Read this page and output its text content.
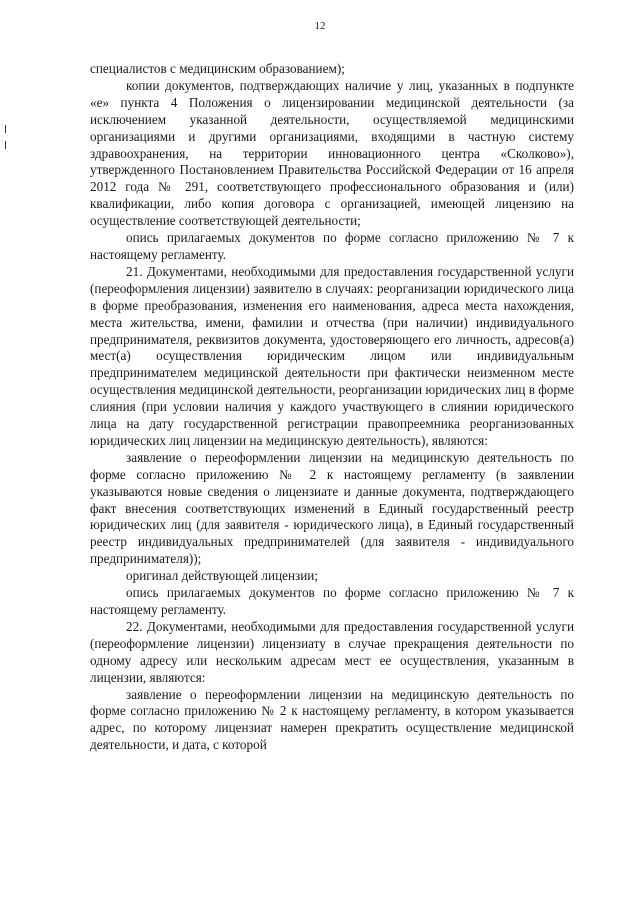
12

специалистов с медицинским образованием);

копии документов, подтверждающих наличие у лиц, указанных в подпункте «е» пункта 4 Положения о лицензировании медицинской деятельности (за исключением указанной деятельности, осуществляемой медицинскими организациями и другими организациями, входящими в частную систему здравоохранения, на территории инновационного центра «Сколково»), утвержденного Постановлением Правительства Российской Федерации от 16 апреля 2012 года № 291, соответствующего профессионального образования и (или) квалификации, либо копия договора с организацией, имеющей лицензию на осуществление соответствующей деятельности;

опись прилагаемых документов по форме согласно приложению № 7 к настоящему регламенту.

21. Документами, необходимыми для предоставления государственной услуги (переоформления лицензии) заявителю в случаях: реорганизации юридического лица в форме преобразования, изменения его наименования, адреса места нахождения, места жительства, имени, фамилии и отчества (при наличии) индивидуального предпринимателя, реквизитов документа, удостоверяющего его личность, адресов(а) мест(а) осуществления юридическим лицом или индивидуальным предпринимателем медицинской деятельности при фактически неизменном месте осуществления медицинской деятельности, реорганизации юридических лиц в форме слияния (при условии наличия у каждого участвующего в слиянии юридического лица на дату государственной регистрации правопреемника реорганизованных юридических лиц лицензии на медицинскую деятельность), являются:

заявление о переоформлении лицензии на медицинскую деятельность по форме согласно приложению № 2 к настоящему регламенту (в заявлении указываются новые сведения о лицензиате и данные документа, подтверждающего факт внесения соответствующих изменений в Единый государственный реестр юридических лиц (для заявителя - юридического лица), в Единый государственный реестр индивидуальных предпринимателей (для заявителя - индивидуального предпринимателя));

оригинал действующей лицензии;

опись прилагаемых документов по форме согласно приложению № 7 к настоящему регламенту.

22. Документами, необходимыми для предоставления государственной услуги (переоформление лицензии) лицензиату в случае прекращения деятельности по одному адресу или нескольким адресам мест ее осуществления, указанным в лицензии, являются:

заявление о переоформлении лицензии на медицинскую деятельность по форме согласно приложению № 2 к настоящему регламенту, в котором указывается адрес, по которому лицензиат намерен прекратить осуществление медицинской деятельности, и дата, с которой
